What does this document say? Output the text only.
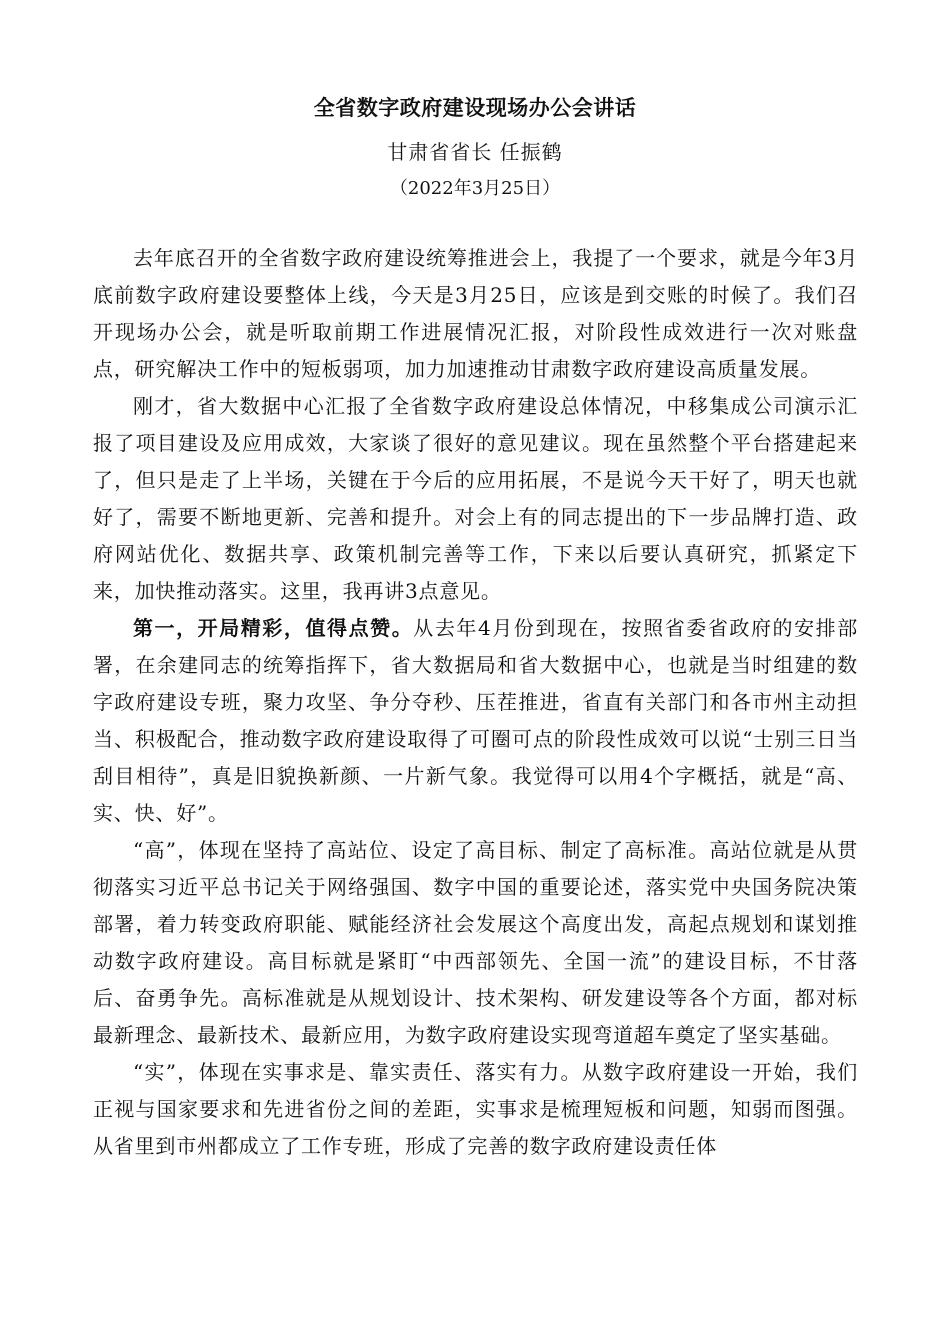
全省数字政府建设现场办公会讲话
甘肃省省长 任振鹤
（2022年3月25日）

去年底召开的全省数字政府建设统筹推进会上，我提了一个要求，就是今年3月底前数字政府建设要整体上线，今天是3月25日，应该是到交账的时候了。我们召开现场办公会，就是听取前期工作进展情况汇报，对阶段性成效进行一次对账盘点，研究解决工作中的短板弱项，加力加速推动甘肃数字政府建设高质量发展。

刚才，省大数据中心汇报了全省数字政府建设总体情况，中移集成公司演示汇报了项目建设及应用成效，大家谈了很好的意见建议。现在虽然整个平台搭建起来了，但只是走了上半场，关键在于今后的应用拓展，不是说今天干好了，明天也就好了，需要不断地更新、完善和提升。对会上有的同志提出的下一步品牌打造、政府网站优化、数据共享、政策机制完善等工作，下来以后要认真研究，抓紧定下来，加快推动落实。这里，我再讲3点意见。

第一，开局精彩，值得点赞。从去年4月份到现在，按照省委省政府的安排部署，在余建同志的统筹指挥下，省大数据局和省大数据中心，也就是当时组建的数字政府建设专班，聚力攻坚、争分夺秒、压茬推进，省直有关部门和各市州主动担当、积极配合，推动数字政府建设取得了可圈可点的阶段性成效可以说“士别三日当刮目相待”，真是旧貌换新颜、一片新气象。我觉得可以用4个字概括，就是“高、实、快、好”。

“高”，体现在坚持了高站位、设定了高目标、制定了高标准。高站位就是从贯彻落实习近平总书记关于网络强国、数字中国的重要论述，落实党中央国务院决策部署，着力转变政府职能、赋能经济社会发展这个高度出发，高起点规划和谋划推动数字政府建设。高目标就是紧盯“中西部领先、全国一流”的建设目标，不甘落后、奋勇争先。高标准就是从规划设计、技术架构、研发建设等各个方面，都对标最新理念、最新技术、最新应用，为数字政府建设实现弯道超车奠定了坚实基础。

“实”，体现在实事求是、靠实责任、落实有力。从数字政府建设一开始，我们正视与国家要求和先进省份之间的差距，实事求是梳理短板和问题，知弱而图强。从省里到市州都成立了工作专班，形成了完善的数字政府建设责任体
